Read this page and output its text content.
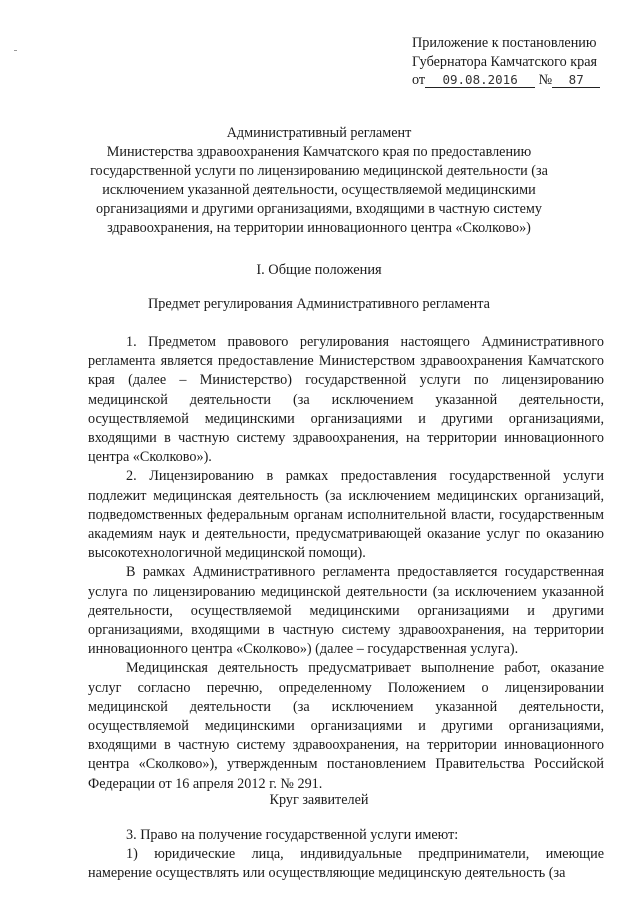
Приложение к постановлению
Губернатора Камчатского края
от 09.08.2016 № 87
Административный регламент
Министерства здравоохранения Камчатского края по предоставлению
государственной услуги по лицензированию медицинской деятельности (за
исключением указанной деятельности, осуществляемой медицинскими
организациями и другими организациями, входящими в частную систему
здравоохранения, на территории инновационного центра «Сколково»)
I. Общие положения
Предмет регулирования Административного регламента

1. Предметом правового регулирования настоящего Административного регламента является предоставление Министерством здравоохранения Камчатского края (далее – Министерство) государственной услуги по лицензированию медицинской деятельности (за исключением указанной деятельности, осуществляемой медицинскими организациями и другими организациями, входящими в частную систему здравоохранения, на территории инновационного центра «Сколково»).

2. Лицензированию в рамках предоставления государственной услуги подлежит медицинская деятельность (за исключением медицинских организаций, подведомственных федеральным органам исполнительной власти, государственным академиям наук и деятельности, предусматривающей оказание услуг по оказанию высокотехнологичной медицинской помощи).

В рамках Административного регламента предоставляется государственная услуга по лицензированию медицинской деятельности (за исключением указанной деятельности, осуществляемой медицинскими организациями и другими организациями, входящими в частную систему здравоохранения, на территории инновационного центра «Сколково») (далее – государственная услуга).

Медицинская деятельность предусматривает выполнение работ, оказание услуг согласно перечню, определенному Положением о лицензировании медицинской деятельности (за исключением указанной деятельности, осуществляемой медицинскими организациями и другими организациями, входящими в частную систему здравоохранения, на территории инновационного центра «Сколково»), утвержденным постановлением Правительства Российской Федерации от 16 апреля 2012 г. № 291.

Круг заявителей

3. Право на получение государственной услуги имеют:

1) юридические лица, индивидуальные предприниматели, имеющие намерение осуществлять или осуществляющие медицинскую деятельность (за
